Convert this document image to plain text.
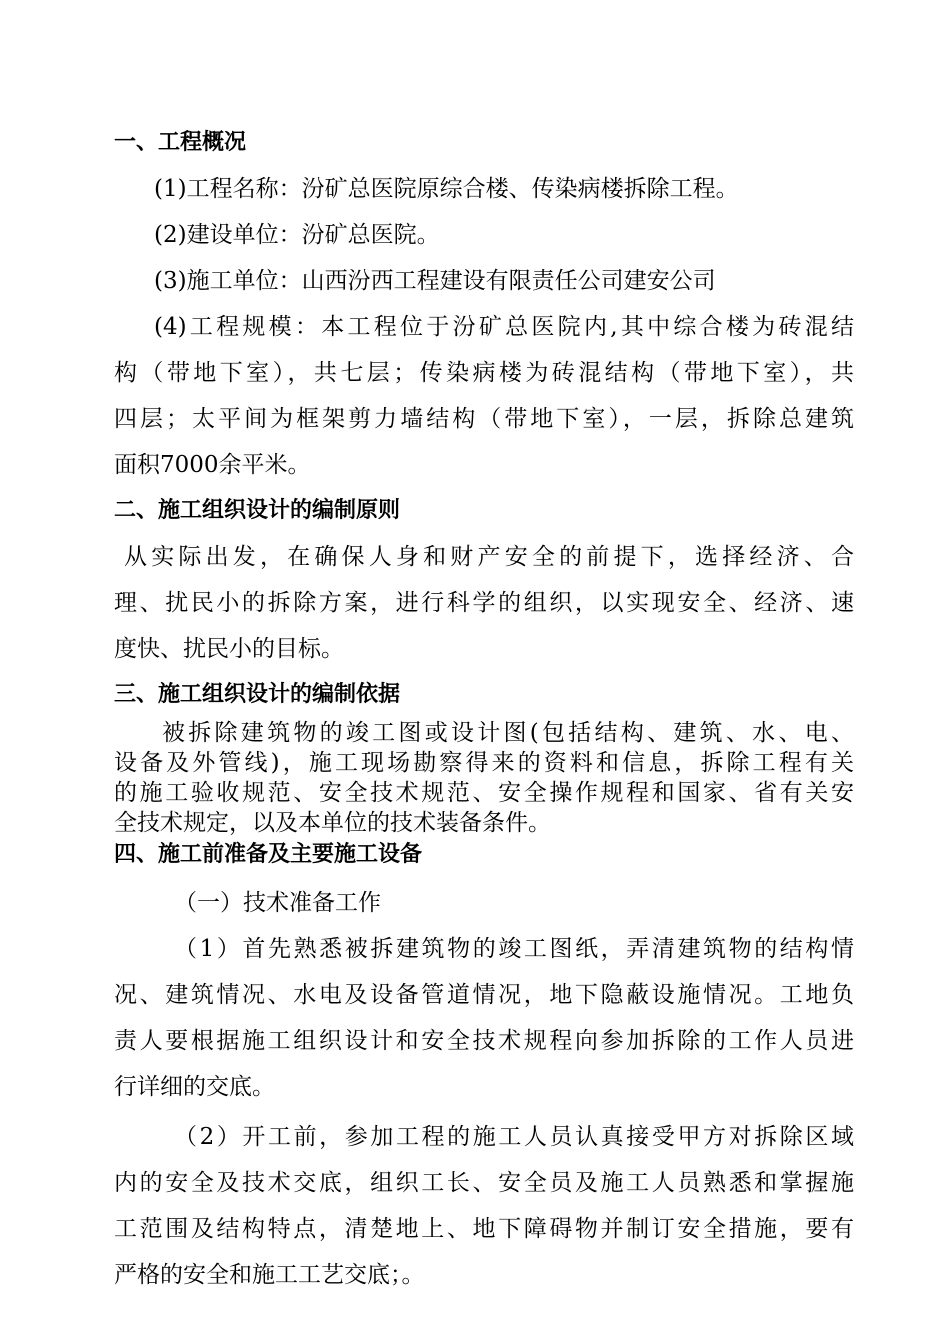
一、工程概况
(1)工程名称：汾矿总医院原综合楼、传染病楼拆除工程。
(2)建设单位：汾矿总医院。
(3)施工单位：山西汾西工程建设有限责任公司建安公司
(4)工程规模：本工程位于汾矿总医院内,其中综合楼为砖混结
构（带地下室），共七层；传染病楼为砖混结构（带地下室），共
四层；太平间为框架剪力墙结构（带地下室），一层，拆除总建筑
面积7000余平米。
二、施工组织设计的编制原则
从实际出发，在确保人身和财产安全的前提下，选择经济、合
理、扰民小的拆除方案，进行科学的组织，以实现安全、经济、速
度快、扰民小的目标。
三、施工组织设计的编制依据
被拆除建筑物的竣工图或设计图(包括结构、建筑、水、电、
设备及外管线)，施工现场勘察得来的资料和信息，拆除工程有关
的施工验收规范、安全技术规范、安全操作规程和国家、省有关安
全技术规定，以及本单位的技术装备条件。
四、施工前准备及主要施工设备
（一）技术准备工作
（1）首先熟悉被拆建筑物的竣工图纸，弄清建筑物的结构情
况、建筑情况、水电及设备管道情况，地下隐蔽设施情况。工地负
责人要根据施工组织设计和安全技术规程向参加拆除的工作人员进
行详细的交底。
（2）开工前，参加工程的施工人员认真接受甲方对拆除区域
内的安全及技术交底，组织工长、安全员及施工人员熟悉和掌握施
工范围及结构特点，清楚地上、地下障碍物并制订安全措施，要有
严格的安全和施工工艺交底；。
